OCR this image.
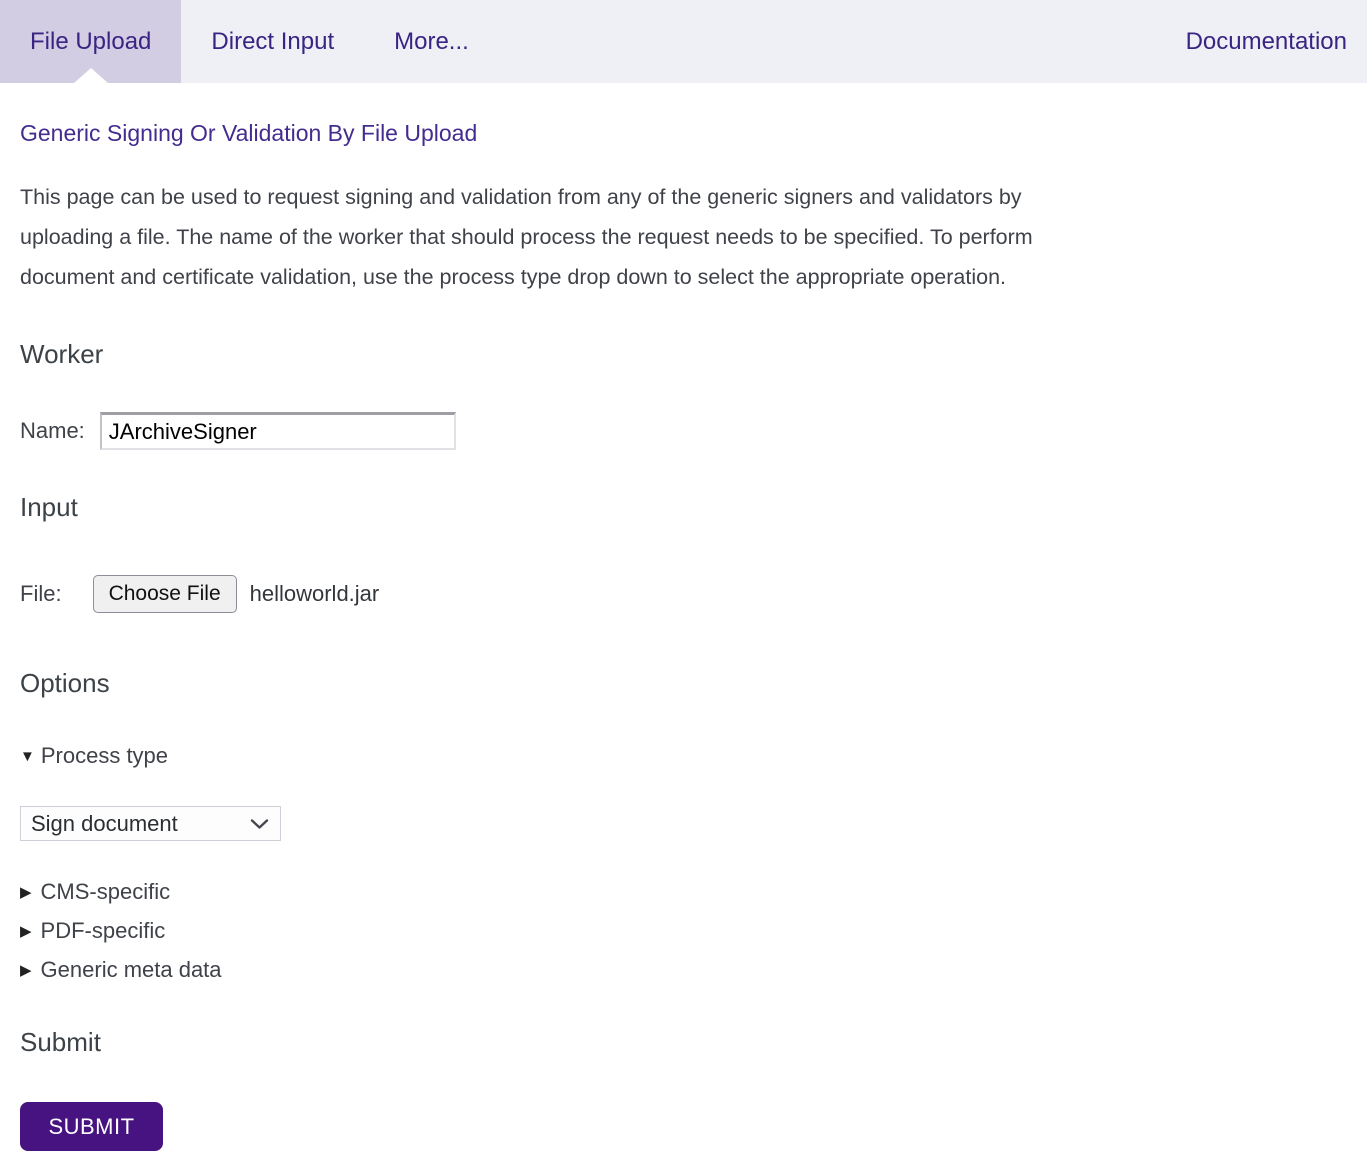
File Upload	Direct Input	More...	Documentation
Generic Signing Or Validation By File Upload

This page can be used to request signing and validation from any of the generic signers and validators by
uploading a file. The name of the worker that should process the request needs to be specified. To perform
document and certificate validation, use the process type drop down to select the appropriate operation.

Worker
Name:
JArchiveSigner
Input
File:	Choose File	helloworld.jar
Options
▼ Process type
Sign document
▶ CMS-specific
▶ PDF-specific
▶ Generic meta data
Submit
SUBMIT
